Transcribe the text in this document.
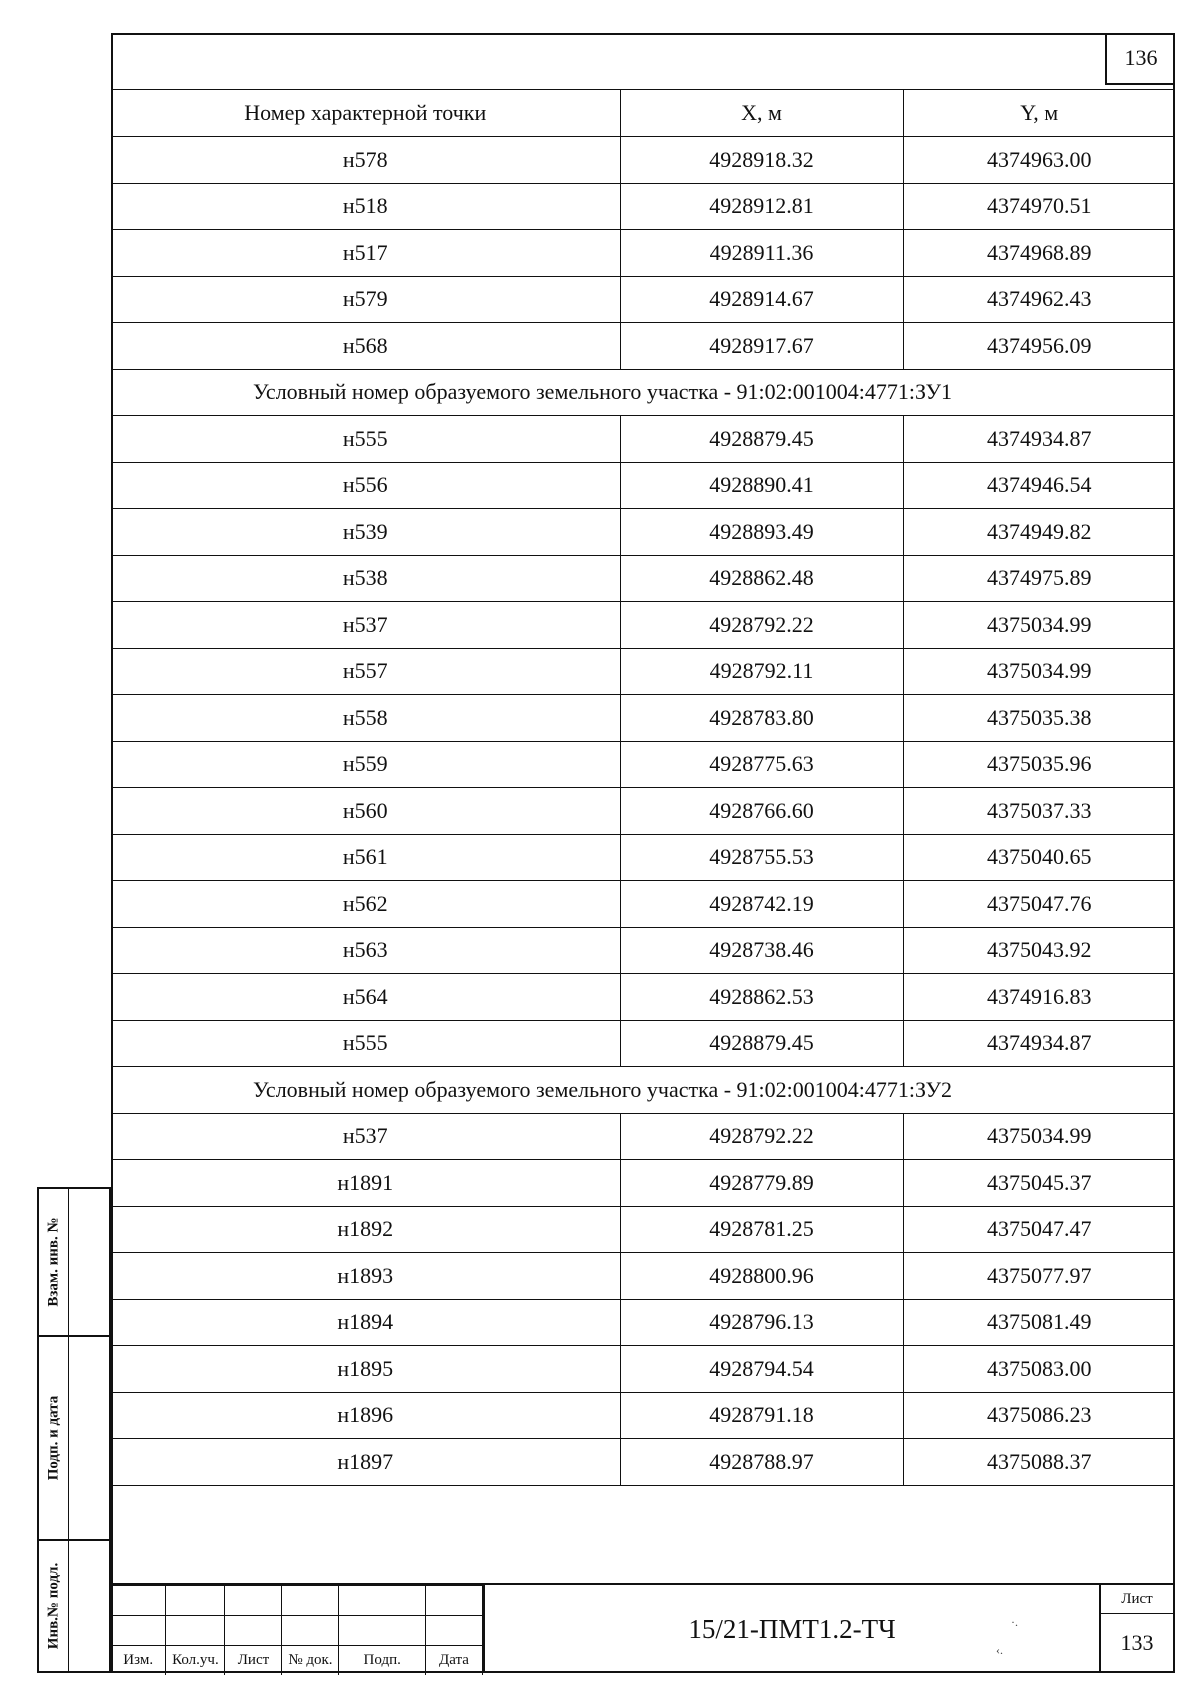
136
Номер характерной точки	X, м	Y, м
н578	4928918.32	4374963.00
н518	4928912.81	4374970.51
н517	4928911.36	4374968.89
н579	4928914.67	4374962.43
н568	4928917.67	4374956.09
Условный номер образуемого земельного участка - 91:02:001004:4771:ЗУ1		
н555	4928879.45	4374934.87
н556	4928890.41	4374946.54
н539	4928893.49	4374949.82
н538	4928862.48	4374975.89
н537	4928792.22	4375034.99
н557	4928792.11	4375034.99
н558	4928783.80	4375035.38
н559	4928775.63	4375035.96
н560	4928766.60	4375037.33
н561	4928755.53	4375040.65
н562	4928742.19	4375047.76
н563	4928738.46	4375043.92
н564	4928862.53	4374916.83
н555	4928879.45	4374934.87
Условный номер образуемого земельного участка - 91:02:001004:4771:ЗУ2		
н537	4928792.22	4375034.99
н1891	4928779.89	4375045.37
н1892	4928781.25	4375047.47
н1893	4928800.96	4375077.97
н1894	4928796.13	4375081.49
н1895	4928794.54	4375083.00
н1896	4928791.18	4375086.23
н1897	4928788.97	4375088.37

Изм.	Кол.уч.	Лист	№ док.	Подп.	Дата
15/21-ПМТ1.2-ТЧ
Лист
133
·.
‹.
Взам. инв. №
Подп. и дата
Инв.№ подл.
